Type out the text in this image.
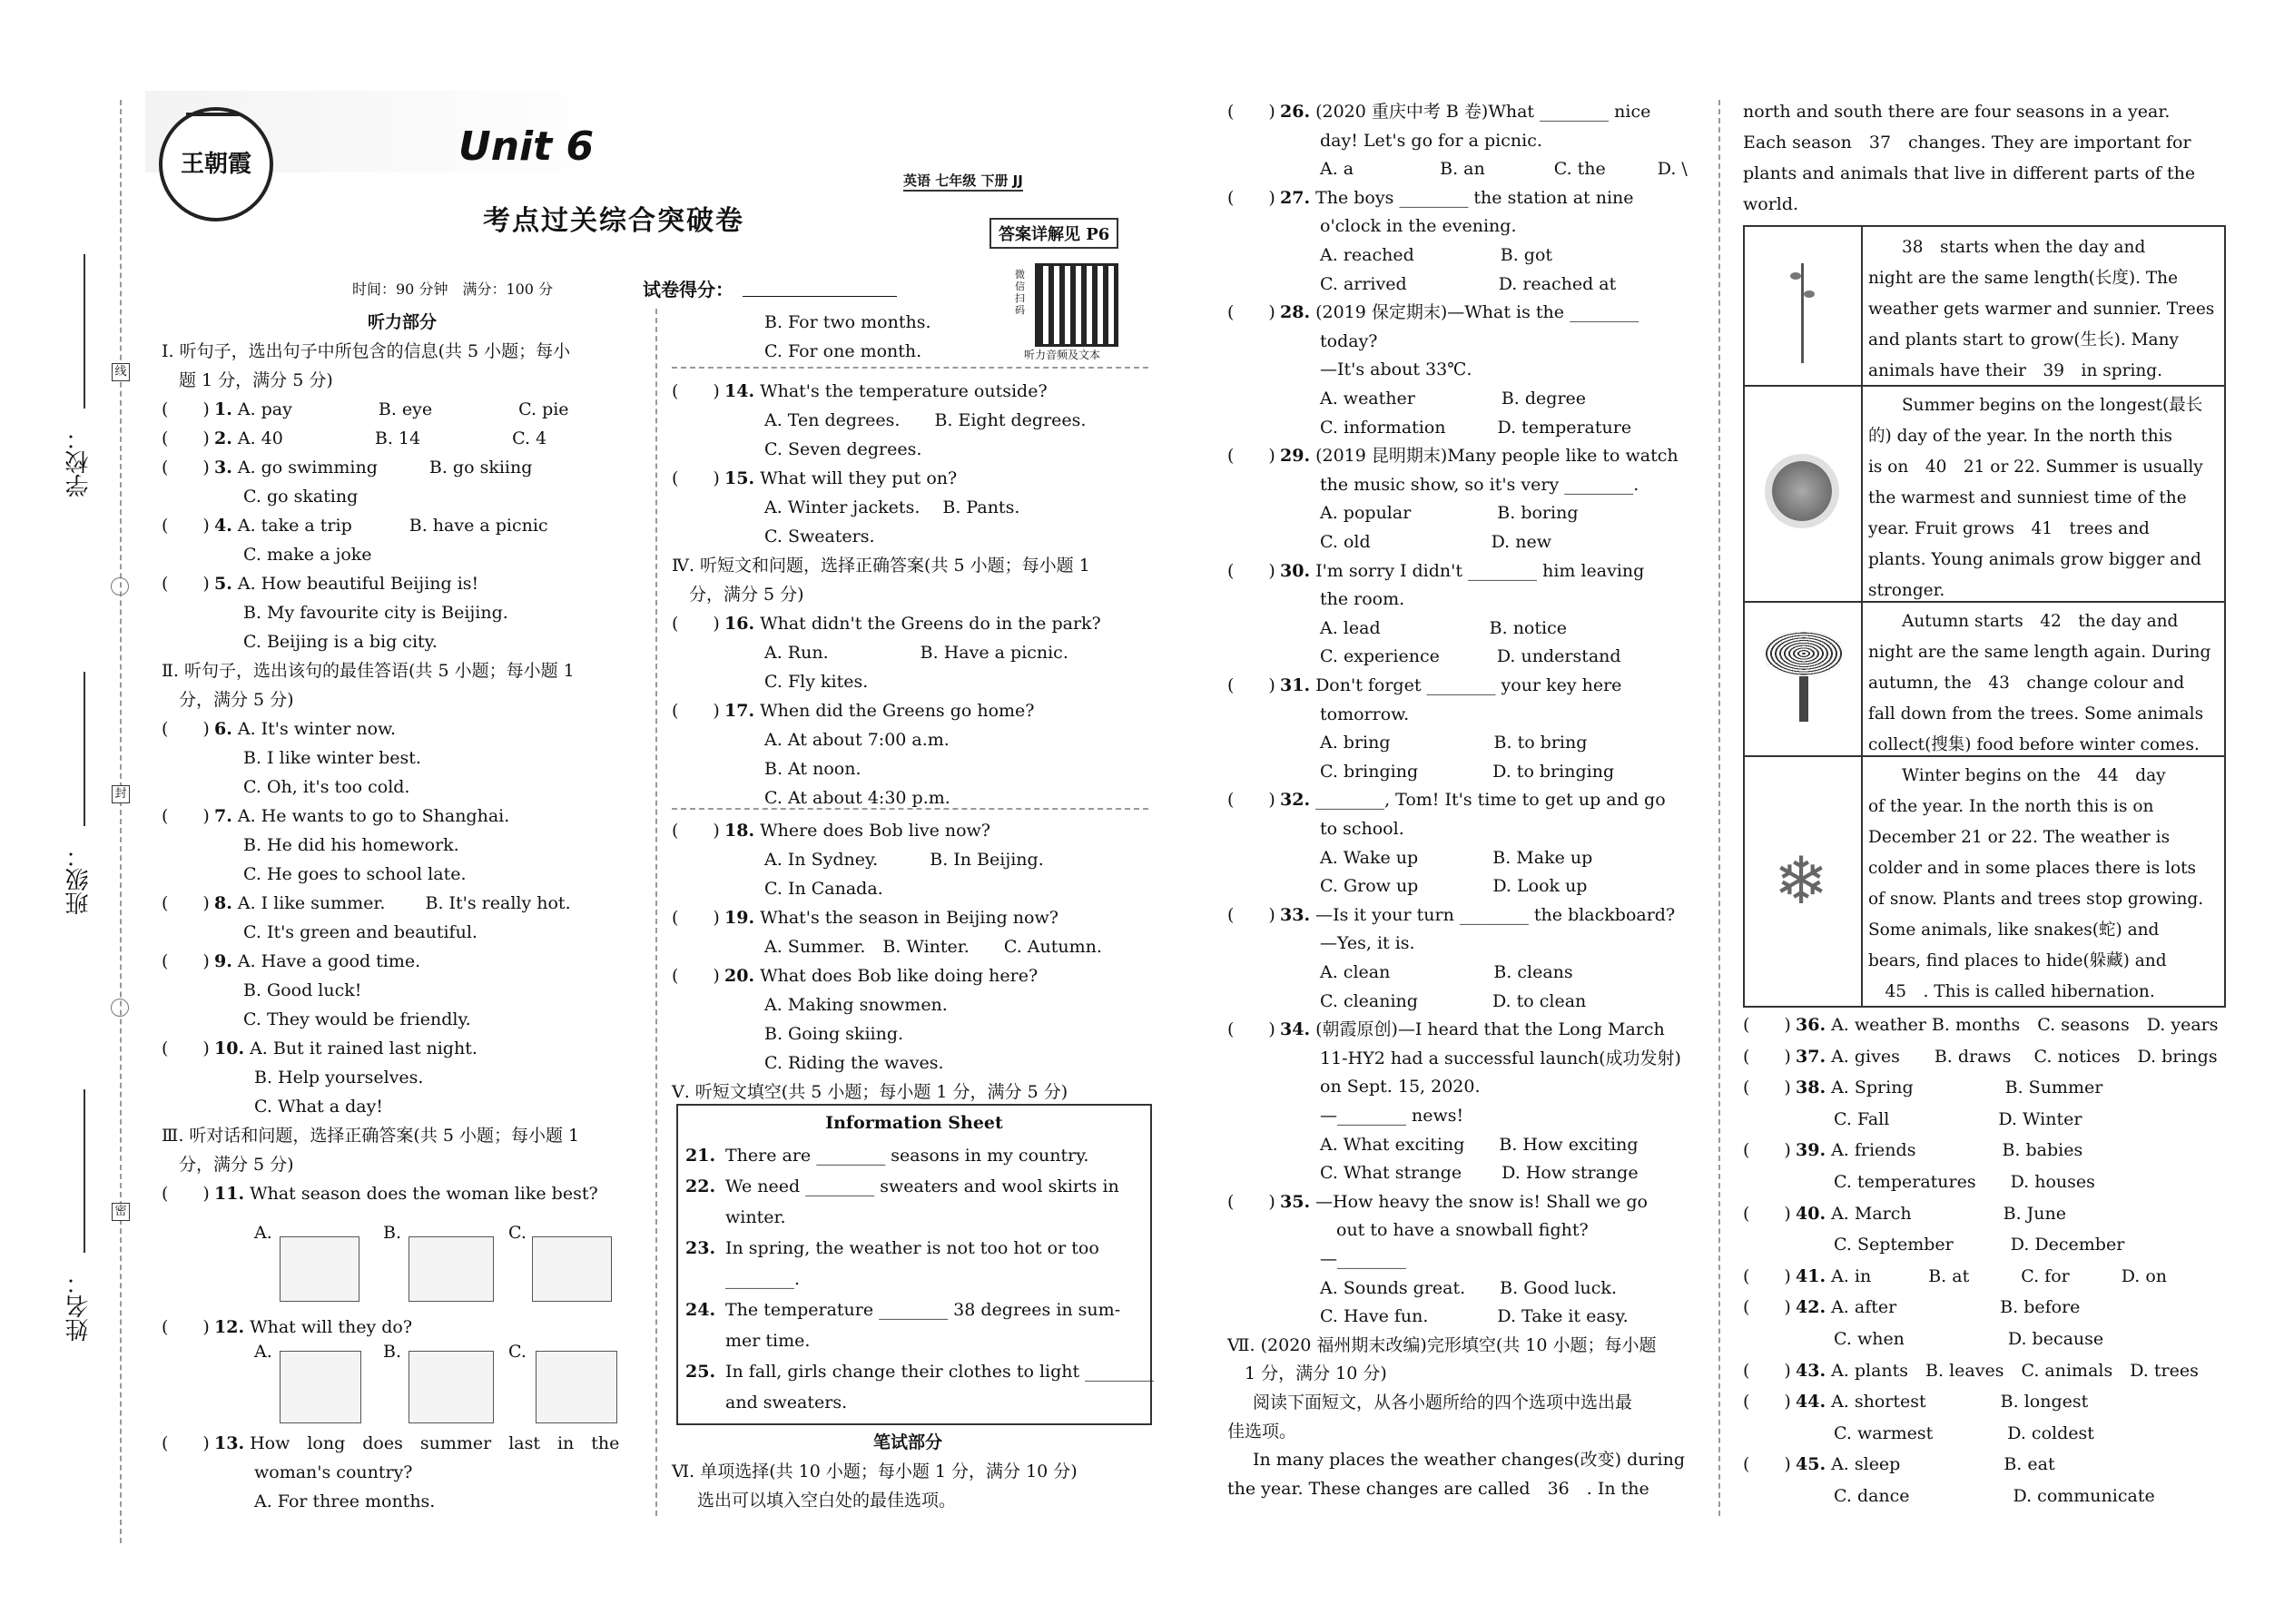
学校：
班级：
姓名：
线
封
密
王朝霞	Unit 6
考点过关综合突破卷
英语 七年级 下册 JJ
答案详解见 P6
微信扫码
听力音频及文本
时间：90 分钟　满分：100 分	试卷得分：
听力部分
Ⅰ. 听句子，选出句子中所包含的信息(共 5 小题；每小
　题 1 分，满分 5 分)
(　　) 1. A. pay　　　　　B. eye　　　　　C. pie
(　　) 2. A. 40　　　　　 B. 14　　　　　 C. 4
(　　) 3. A. go swimming　　　B. go skiing
C. go skating
(　　) 4. A. take a trip　　　 B. have a picnic
C. make a joke
(　　) 5. A. How beautiful Beijing is!
B. My favourite city is Beijing.
C. Beijing is a big city.
Ⅱ. 听句子，选出该句的最佳答语(共 5 小题；每小题 1
　分，满分 5 分)
(　　) 6. A. It's winter now.
B. I like winter best.
C. Oh, it's too cold.
(　　) 7. A. He wants to go to Shanghai.
B. He did his homework.
C. He goes to school late.
(　　) 8. A. I like summer.　　 B. It's really hot.
C. It's green and beautiful.
(　　) 9. A. Have a good time.
B. Good luck!
C. They would be friendly.
(　　) 10. A. But it rained last night.
B. Help yourselves.
C. What a day!
Ⅲ. 听对话和问题，选择正确答案(共 5 小题；每小题 1
　分，满分 5 分)
(　　) 11. What season does the woman like best?
(　　) 12. What will they do?
(　　) 13. How　long　does　summer　last　in　the
woman's country?
A. For three months.
A.	B.	C.
A.	B.	C.
B. For two months.
C. For one month.
(　　) 14. What's the temperature outside?
A. Ten degrees.　　B. Eight degrees.
C. Seven degrees.
(　　) 15. What will they put on?
A. Winter jackets.　 B. Pants.
C. Sweaters.
Ⅳ. 听短文和问题，选择正确答案(共 5 小题；每小题 1
　分，满分 5 分)
(　　) 16. What didn't the Greens do in the park?
A. Run.　　　　　 B. Have a picnic.
C. Fly kites.
(　　) 17. When did the Greens go home?
A. At about 7:00 a.m.
B. At noon.
C. At about 4:30 p.m.
(　　) 18. Where does Bob live now?
A. In Sydney.　　　B. In Beijing.
C. In Canada.
(　　) 19. What's the season in Beijing now?
A. Summer.　B. Winter.　　C. Autumn.
(　　) 20. What does Bob like doing here?
A. Making snowmen.
B. Going skiing.
C. Riding the waves.
Ⅴ. 听短文填空(共 5 小题；每小题 1 分，满分 5 分)
Information Sheet
21. There are ________ seasons in my country.
22. We need ________ sweaters and wool skirts in
winter.
23. In spring, the weather is not too hot or too
________.
24. The temperature ________ 38 degrees in sum-
mer time.
25. In fall, girls change their clothes to light ________
and sweaters.
笔试部分
Ⅵ. 单项选择(共 10 小题；每小题 1 分，满分 10 分)
选出可以填入空白处的最佳选项。
(　　) 26. (2020 重庆中考 B 卷)What ________ nice
day! Let's go for a picnic.
A. a　　　　　B. an　　　　C. the　　　D. \
(　　) 27. The boys ________ the station at nine
o'clock in the evening.
A. reached　　　　　B. got
C. arrived　　　　　 D. reached at
(　　) 28. (2019 保定期末)—What is the ________
today?
—It's about 33℃.
A. weather　　　　　B. degree
C. information　　　D. temperature
(　　) 29. (2019 昆明期末)Many people like to watch
the music show, so it's very ________.
A. popular　　　　　B. boring
C. old　　　　　　　D. new
(　　) 30. I'm sorry I didn't ________ him leaving
the room.
A. lead　　　　　　 B. notice
C. experience　　　 D. understand
(　　) 31. Don't forget ________ your key here
tomorrow.
A. bring　　　　　　B. to bring
C. bringing　　　　 D. to bringing
(　　) 32. ________, Tom! It's time to get up and go
to school.
A. Wake up　　　　 B. Make up
C. Grow up　　　　 D. Look up
(　　) 33. —Is it your turn ________ the blackboard?
—Yes, it is.
A. clean　　　　　　B. cleans
C. cleaning　　　　 D. to clean
(　　) 34. (朝霞原创)—I heard that the Long March
11-HY2 had a successful launch(成功发射)
on Sept. 15, 2020.
—________ news!
A. What exciting　　B. How exciting
C. What strange　　 D. How strange
(　　) 35. —How heavy the snow is! Shall we go
out to have a snowball fight?
—________
A. Sounds great.　　B. Good luck.
C. Have fun.　　　　D. Take it easy.
Ⅶ. (2020 福州期末改编)完形填空(共 10 小题；每小题
　1 分，满分 10 分)
阅读下面短文，从各小题所给的四个选项中选出最
佳选项。
In many places the weather changes(改变) during
the year. These changes are called　36　. In the
north and south there are four seasons in a year.
Each season　37　changes. They are important for
plants and animals that live in different parts of the
world.
❄
　　38　starts when the day and
night are the same length(长度). The
weather gets warmer and sunnier. Trees
and plants start to grow(生长). Many
animals have their　39　in spring.
　　Summer begins on the longest(最长
的) day of the year. In the north this
is on　40　21 or 22. Summer is usually
the warmest and sunniest time of the
year. Fruit grows　41　trees and
plants. Young animals grow bigger and
stronger.
　　Autumn starts　42　the day and
night are the same length again. During
autumn, the　43　change colour and
fall down from the trees. Some animals
collect(搜集) food before winter comes.
　　Winter begins on the　44　day
of the year. In the north this is on
December 21 or 22. The weather is
colder and in some places there is lots
of snow. Plants and trees stop growing.
Some animals, like snakes(蛇) and
bears, find places to hide(躲藏) and
　45　. This is called hibernation.
(　　) 36. A. weather B. months　C. seasons　D. years
(　　) 37. A. gives　　B. draws　 C. notices　D. brings
(　　) 38. A. Spring　　　　　 B. Summer
C. Fall　　　　　　 D. Winter
(　　) 39. A. friends　　　　　B. babies
C. temperatures　　D. houses
(　　) 40. A. March　　　　　 B. June
C. September　　　 D. December
(　　) 41. A. in　　　 B. at　　　C. for　　　D. on
(　　) 42. A. after　　　　　　B. before
C. when　　　　　　D. because
(　　) 43. A. plants　B. leaves　C. animals　D. trees
(　　) 44. A. shortest　　　　 B. longest
C. warmest　　　　 D. coldest
(　　) 45. A. sleep　　　　　　B. eat
C. dance　　　　　　D. communicate
